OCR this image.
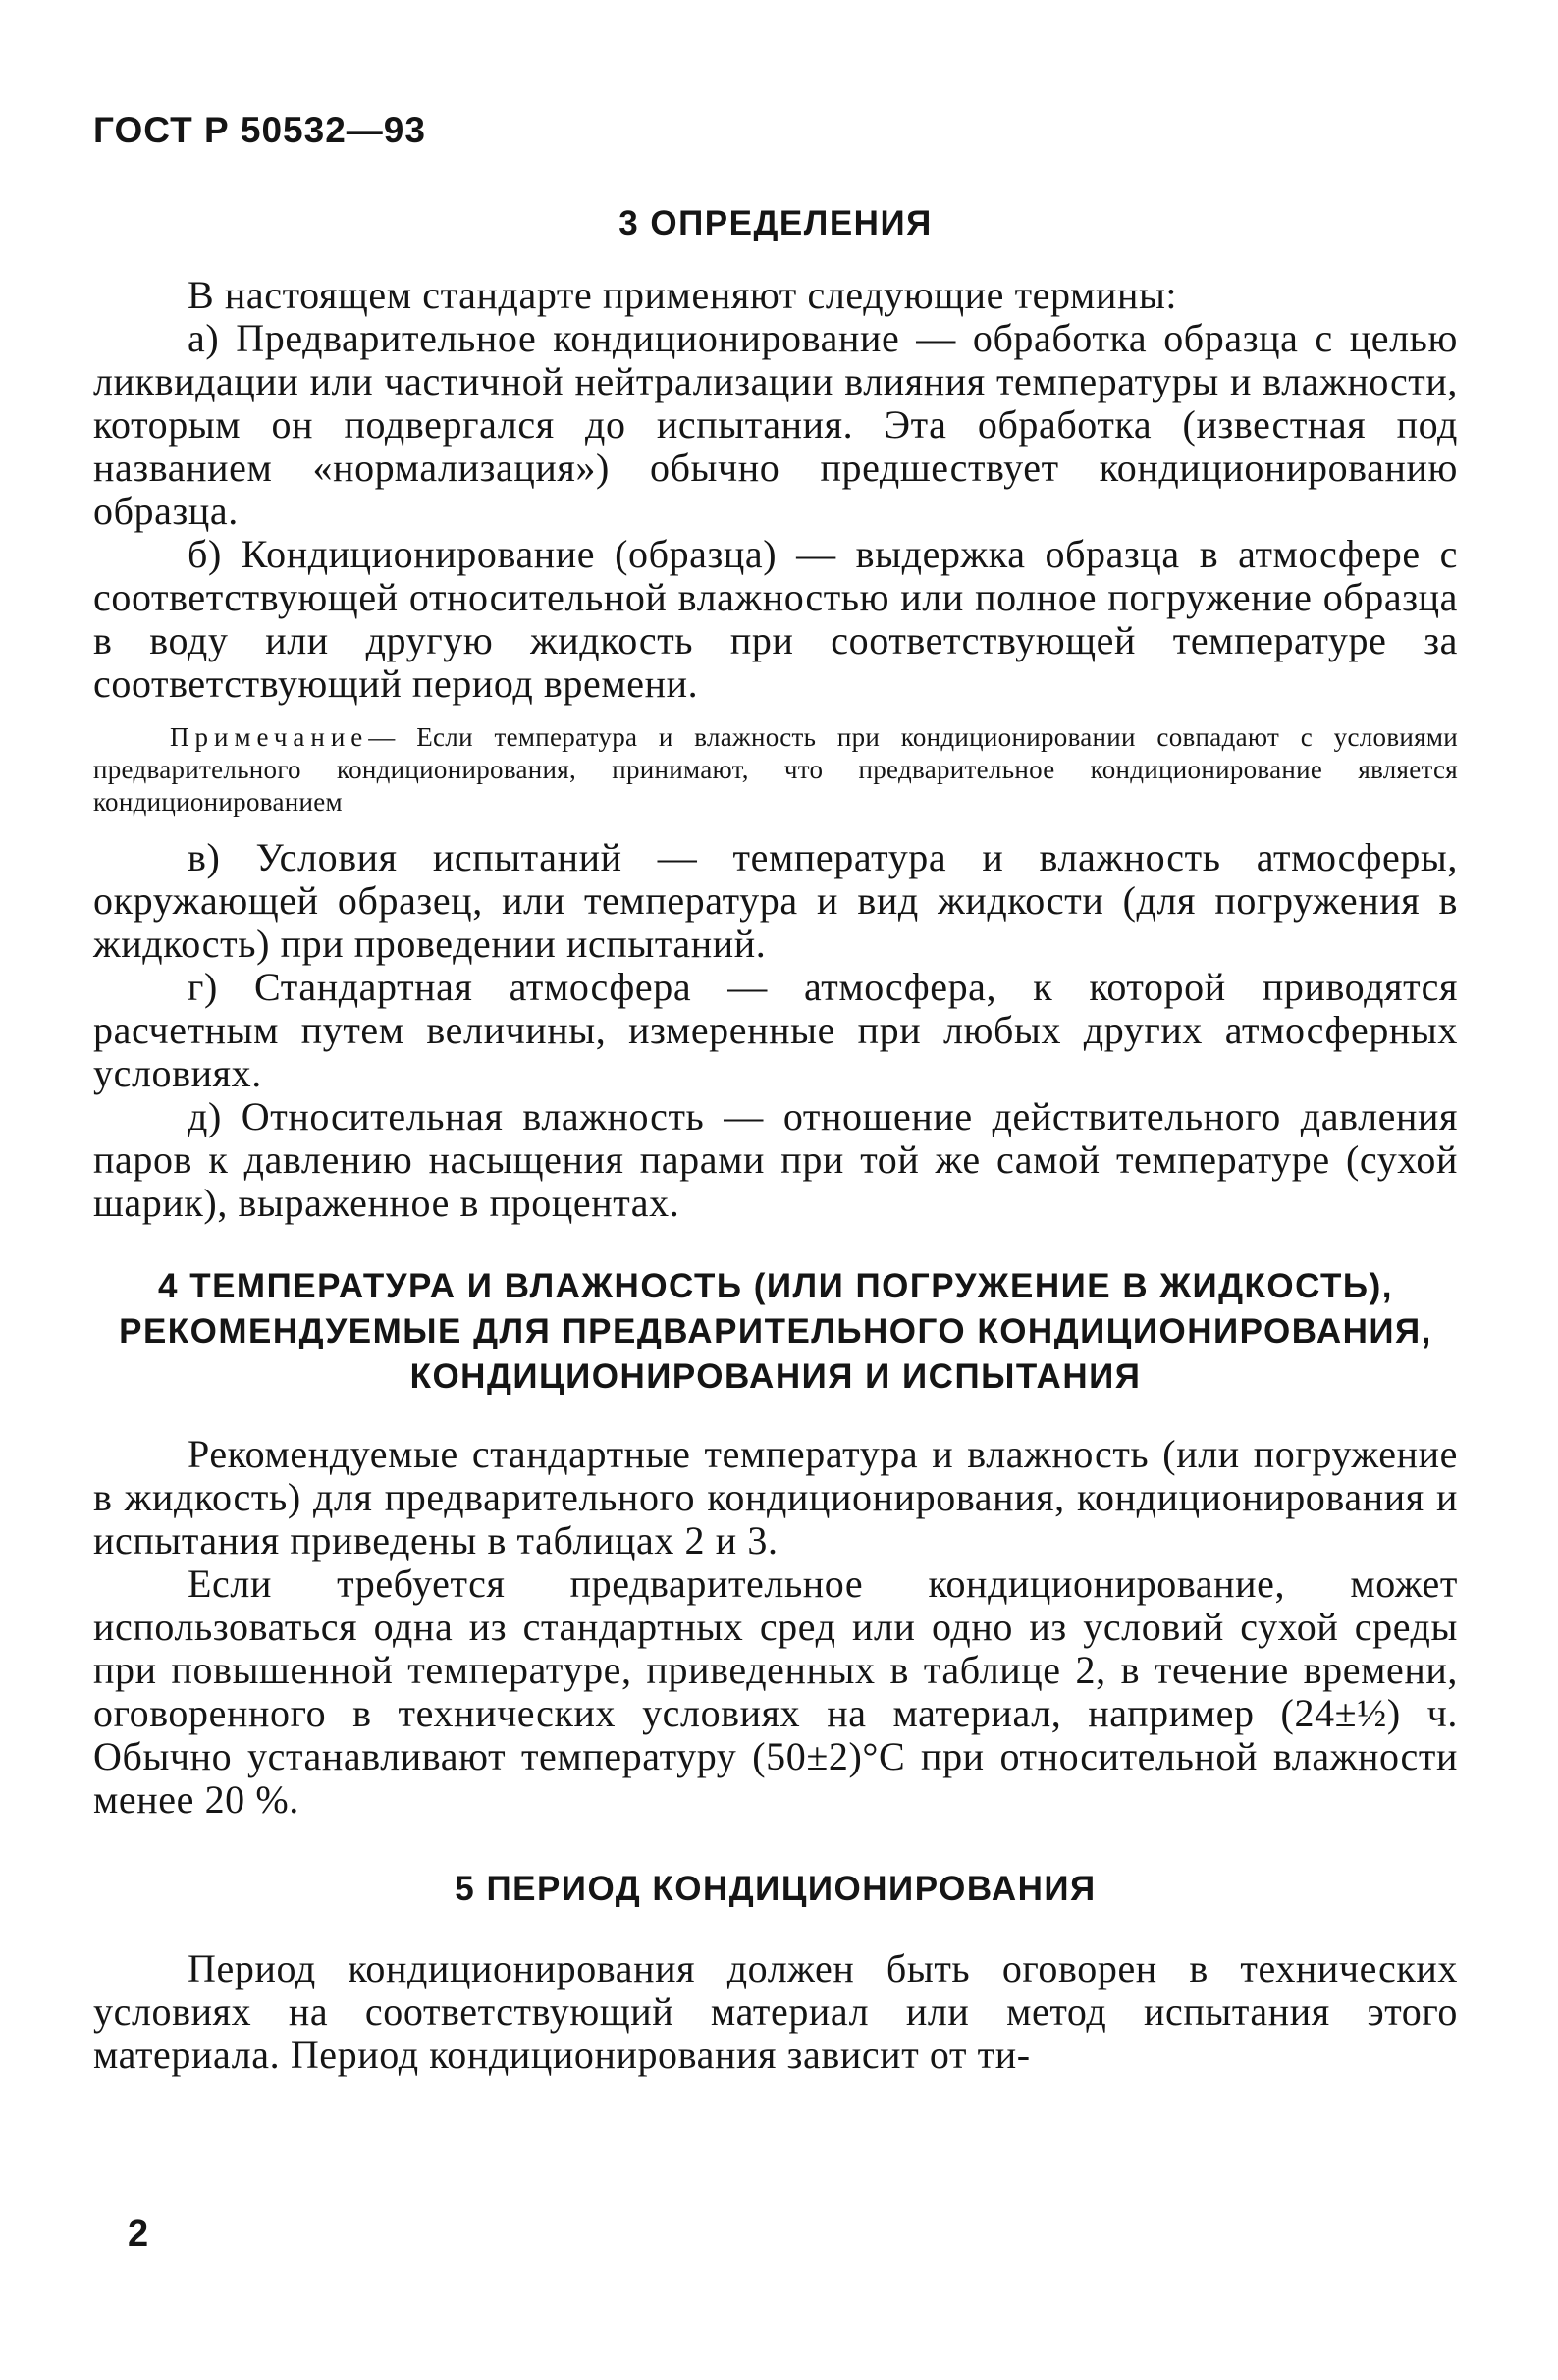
ГОСТ Р 50532—93
3 ОПРЕДЕЛЕНИЯ

В настоящем стандарте применяют следующие термины:

а) Предварительное кондиционирование — обработка образца с целью ликвидации или частичной нейтрализации влияния температуры и влажности, которым он подвергался до испытания. Эта обработка (известная под названием «нормализация») обычно предшествует кондиционированию образца.

б) Кондиционирование (образца) — выдержка образца в атмосфере с соответствующей относительной влажностью или полное погружение образца в воду или другую жидкость при соответствующей температуре за соответствующий период времени.

Примечание— Если температура и влажность при кондиционировании совпадают с условиями предварительного кондиционирования, принимают, что предварительное кондиционирование является кондиционированием

в) Условия испытаний — температура и влажность атмосферы, окружающей образец, или температура и вид жидкости (для погружения в жидкость) при проведении испытаний.

г) Стандартная атмосфера — атмосфера, к которой приводятся расчетным путем величины, измеренные при любых других атмосферных условиях.

д) Относительная влажность — отношение действительного давления паров к давлению насыщения парами при той же самой температуре (сухой шарик), выраженное в процентах.

4 ТЕМПЕРАТУРА И ВЛАЖНОСТЬ (ИЛИ ПОГРУЖЕНИЕ В ЖИДКОСТЬ),
РЕКОМЕНДУЕМЫЕ ДЛЯ ПРЕДВАРИТЕЛЬНОГО КОНДИЦИОНИРОВАНИЯ,
КОНДИЦИОНИРОВАНИЯ И ИСПЫТАНИЯ

Рекомендуемые стандартные температура и влажность (или погружение в жидкость) для предварительного кондиционирования, кондиционирования и испытания приведены в таблицах 2 и 3.

Если требуется предварительное кондиционирование, может использоваться одна из стандартных сред или одно из условий сухой среды при повышенной температуре, приведенных в таблице 2, в течение времени, оговоренного в технических условиях на материал, например (24±½) ч. Обычно устанавливают температуру (50±2)°С при относительной влажности менее 20 %.

5 ПЕРИОД КОНДИЦИОНИРОВАНИЯ

Период кондиционирования должен быть оговорен в технических условиях на соответствующий материал или метод испытания этого материала. Период кондиционирования зависит от ти-

2
